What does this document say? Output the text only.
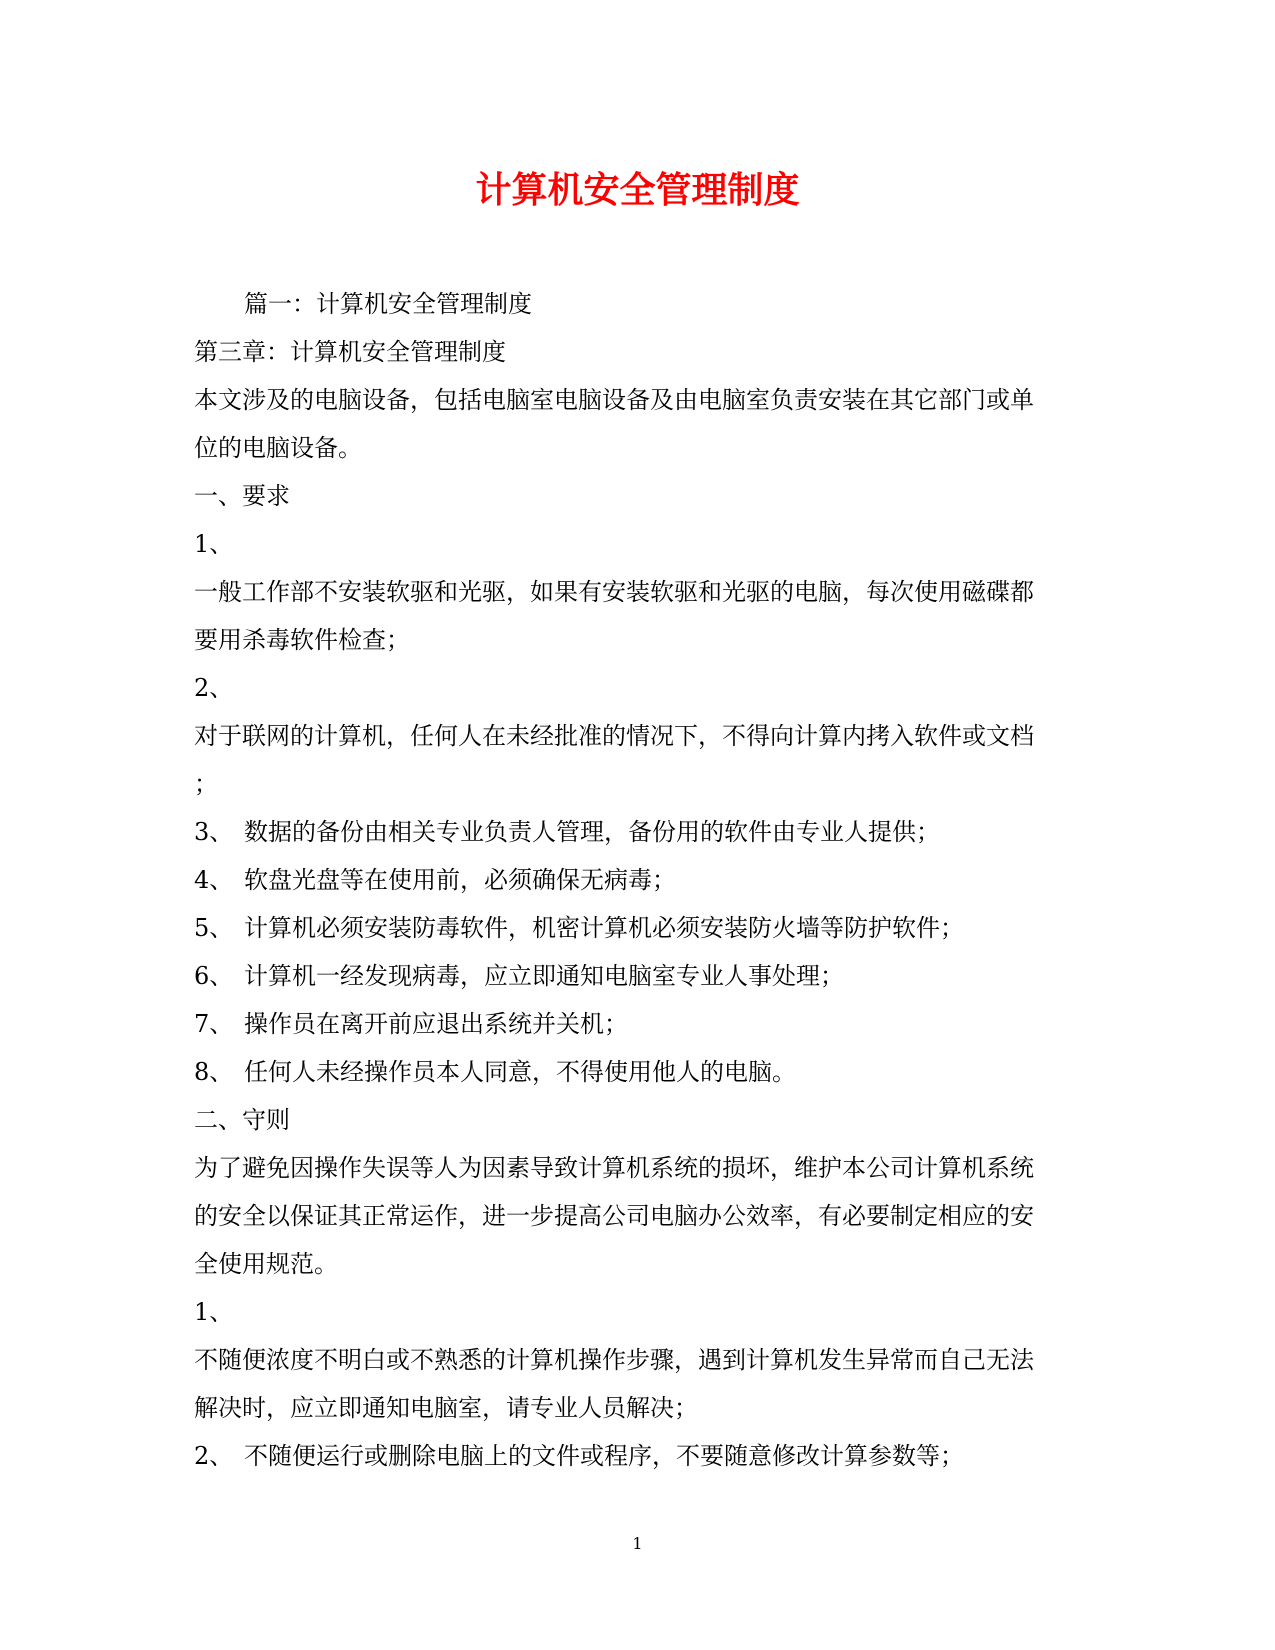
计算机安全管理制度
篇一：计算机安全管理制度
第三章：计算机安全管理制度
本文涉及的电脑设备，包括电脑室电脑设备及由电脑室负责安装在其它部门或单
位的电脑设备。
一、要求
1、
一般工作部不安装软驱和光驱，如果有安装软驱和光驱的电脑，每次使用磁碟都
要用杀毒软件检查；
2、
对于联网的计算机，任何人在未经批准的情况下，不得向计算内拷入软件或文档
；
3、 数据的备份由相关专业负责人管理，备份用的软件由专业人提供；
4、 软盘光盘等在使用前，必须确保无病毒；
5、 计算机必须安装防毒软件，机密计算机必须安装防火墙等防护软件；
6、 计算机一经发现病毒，应立即通知电脑室专业人事处理；
7、 操作员在离开前应退出系统并关机；
8、 任何人未经操作员本人同意，不得使用他人的电脑。
二、守则
为了避免因操作失误等人为因素导致计算机系统的损坏，维护本公司计算机系统
的安全以保证其正常运作，进一步提高公司电脑办公效率，有必要制定相应的安
全使用规范。
1、
不随便浓度不明白或不熟悉的计算机操作步骤，遇到计算机发生异常而自己无法
解决时，应立即通知电脑室，请专业人员解决；
2、 不随便运行或删除电脑上的文件或程序，不要随意修改计算参数等；
1
